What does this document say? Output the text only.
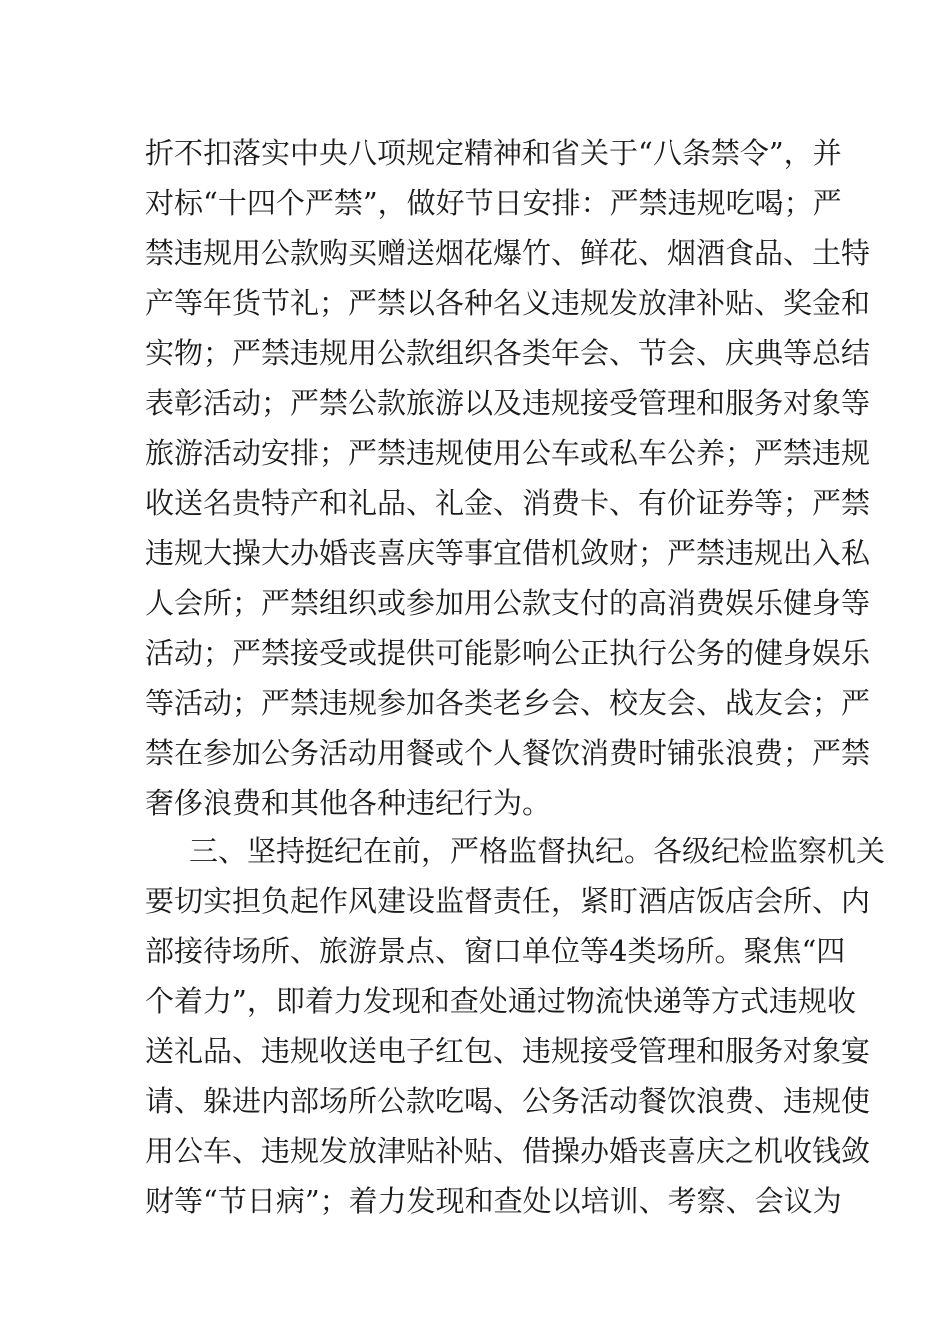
折不扣落实中央八项规定精神和省关于“八条禁令”，并
对标“十四个严禁”，做好节日安排：严禁违规吃喝；严
禁违规用公款购买赠送烟花爆竹、鲜花、烟酒食品、土特
产等年货节礼；严禁以各种名义违规发放津补贴、奖金和
实物；严禁违规用公款组织各类年会、节会、庆典等总结
表彰活动；严禁公款旅游以及违规接受管理和服务对象等
旅游活动安排；严禁违规使用公车或私车公养；严禁违规
收送名贵特产和礼品、礼金、消费卡、有价证券等；严禁
违规大操大办婚丧喜庆等事宜借机敛财；严禁违规出入私
人会所；严禁组织或参加用公款支付的高消费娱乐健身等
活动；严禁接受或提供可能影响公正执行公务的健身娱乐
等活动；严禁违规参加各类老乡会、校友会、战友会；严
禁在参加公务活动用餐或个人餐饮消费时铺张浪费；严禁
奢侈浪费和其他各种违纪行为。
三、坚持挺纪在前，严格监督执纪。各级纪检监察机关
要切实担负起作风建设监督责任，紧盯酒店饭店会所、内
部接待场所、旅游景点、窗口单位等4类场所。聚焦“四
个着力”，即着力发现和查处通过物流快递等方式违规收
送礼品、违规收送电子红包、违规接受管理和服务对象宴
请、躲进内部场所公款吃喝、公务活动餐饮浪费、违规使
用公车、违规发放津贴补贴、借操办婚丧喜庆之机收钱敛
财等“节日病”；着力发现和查处以培训、考察、会议为
